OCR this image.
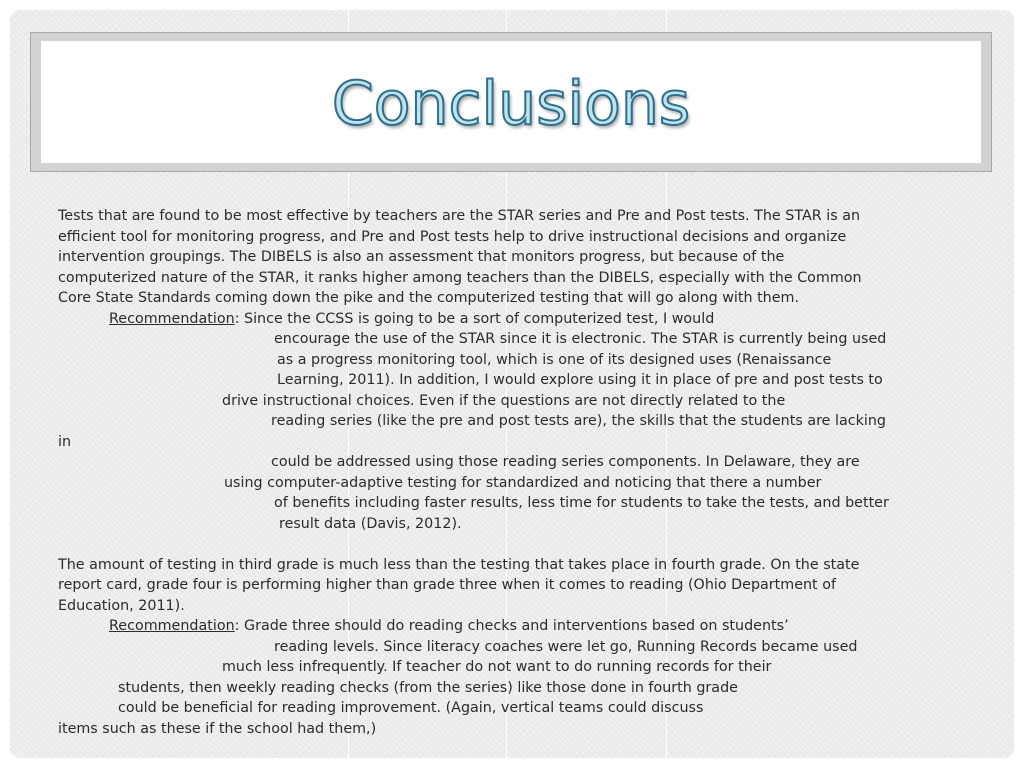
Conclusions
Tests that are found to be most effective by teachers are the STAR series and Pre and Post tests. The STAR is an
efficient tool for monitoring progress, and Pre and Post tests help to drive instructional decisions and organize
intervention groupings. The DIBELS is also an assessment that monitors progress, but because of the
computerized nature of the STAR, it ranks higher among teachers than the DIBELS, especially with the Common
Core State Standards coming down the pike and the computerized testing that will go along with them.
Recommendation: Since the CCSS is going to be a sort of computerized test, I would
encourage the use of the STAR since it is electronic. The STAR is currently being used
as a progress monitoring tool, which is one of its designed uses (Renaissance
Learning, 2011). In addition, I would explore using it in place of pre and post tests to
drive instructional choices. Even if the questions are not directly related to the
reading series (like the pre and post tests are), the skills that the students are lacking
in
could be addressed using those reading series components. In Delaware, they are
using computer-adaptive testing for standardized and noticing that there a number
of benefits including faster results, less time for students to take the tests, and better
result data (Davis, 2012).
The amount of testing in third grade is much less than the testing that takes place in fourth grade. On the state
report card, grade four is performing higher than grade three when it comes to reading (Ohio Department of
Education, 2011).
Recommendation: Grade three should do reading checks and interventions based on students’
reading levels. Since literacy coaches were let go, Running Records became used
much less infrequently. If teacher do not want to do running records for their
students, then weekly reading checks (from the series) like those done in fourth grade
could be beneficial for reading improvement. (Again, vertical teams could discuss
items such as these if the school had them,)
